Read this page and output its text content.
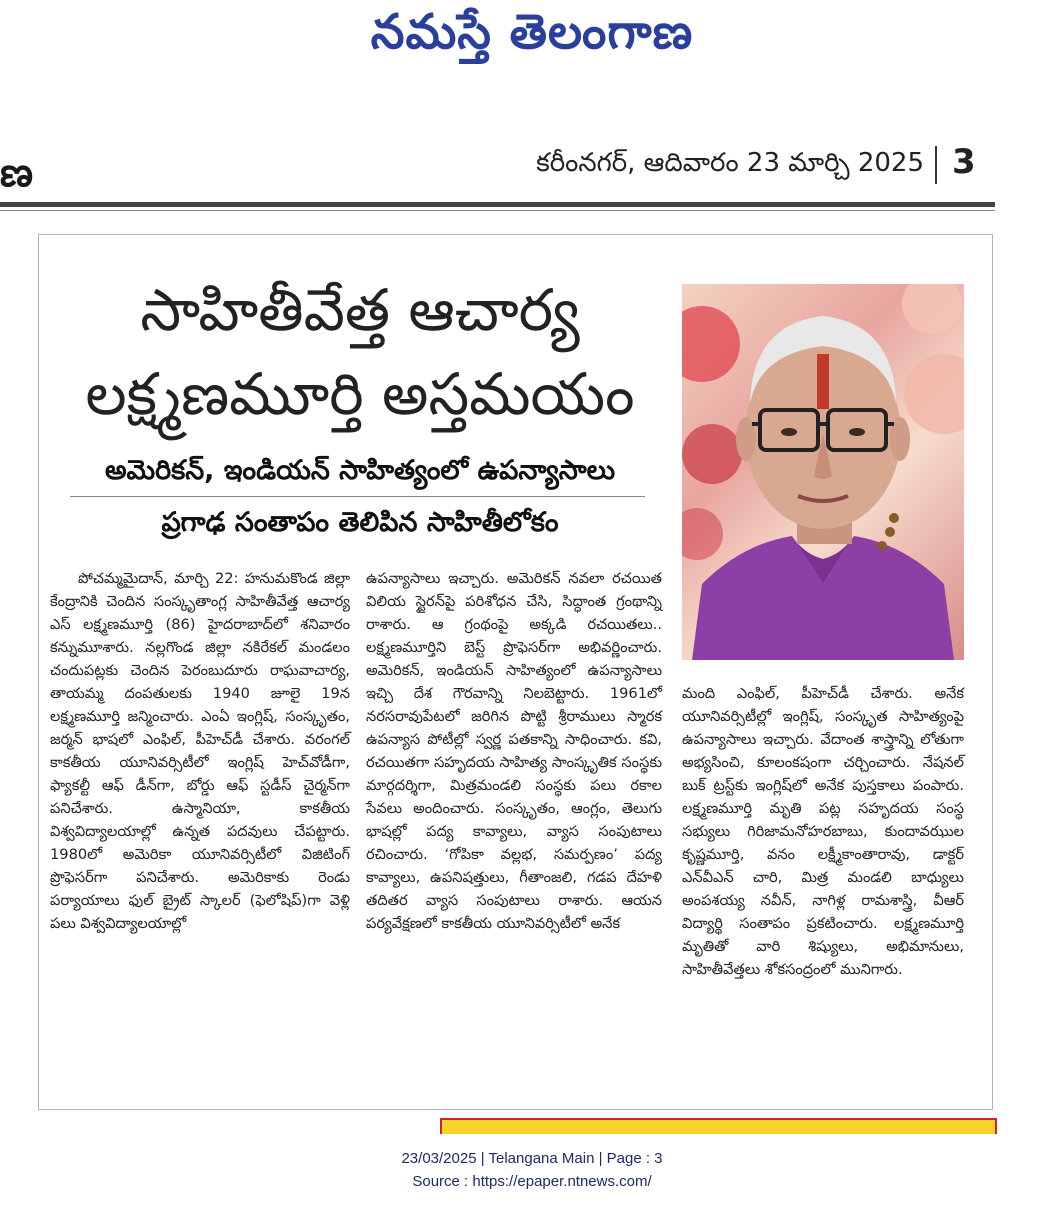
నమస్తే తెలంగాణ
ణ	కరీంనగర్, ఆదివారం 23 మార్చి 2025 3
సాహితీవేత్త ఆచార్య
లక్ష్మణమూర్తి అస్తమయం
అమెరికన్, ఇండియన్ సాహిత్యంలో ఉపన్యాసాలు
ప్రగాఢ సంతాపం తెలిపిన సాహితీలోకం
పోచమ్మమైదాన్, మార్చి 22: హనుమకొండ జిల్లా కేంద్రానికి చెందిన సంస్కృతాంగ్ల సాహితీవేత్త ఆచార్య ఎస్ లక్ష్మణమూర్తి (86) హైదరాబాద్‌లో శనివారం కన్నుమూశారు. నల్లగొండ జిల్లా నకిరేకల్ మండలం చందుపట్లకు చెందిన పెరంబుదూరు రాఘవాచార్య, తాయమ్మ దంపతులకు 1940 జూలై 19న లక్ష్మణమూర్తి జన్మించారు. ఎంఏ ఇంగ్లిష్, సంస్కృతం, జర్మన్ భాషలో ఎంఫిల్, పీహెచ్‌డీ చేశారు. వరంగల్ కాకతీయ యూనివర్సిటీలో ఇంగ్లిష్ హెచ్‌వోడీగా, ఫ్యాకల్టీ ఆఫ్ డీన్‌గా, బోర్డు ఆఫ్ స్టడీస్ చైర్మన్‌గా పనిచేశారు. ఉస్మానియా, కాకతీయ విశ్వవిద్యాలయాల్లో ఉన్నత పదవులు చేపట్టారు. 1980లో అమెరికా యూనివర్సిటీలో విజిటింగ్ ప్రొఫెసర్‌గా పనిచేశారు. అమెరికాకు రెండు పర్యాయాలు ఫుల్ బ్రైట్ స్కాలర్ (ఫెలోషిప్)గా వెళ్లి పలు విశ్వవిద్యాలయాల్లో
ఉపన్యాసాలు ఇచ్చారు. అమెరికన్ నవలా రచయిత విలియ స్టైరన్‌పై పరిశోధన చేసి, సిద్ధాంత గ్రంథాన్ని రాశారు. ఆ గ్రంథంపై అక్కడి రచయితలు.. లక్ష్మణమూర్తిని బెస్ట్ ప్రొఫెసర్‌గా అభివర్ణించారు. అమెరికన్, ఇండియన్ సాహిత్యంలో ఉపన్యాసాలు ఇచ్చి దేశ గౌరవాన్ని నిలబెట్టారు. 1961లో నరసరావుపేటలో జరిగిన పొట్టి శ్రీరాములు స్మారక ఉపన్యాస పోటీల్లో స్వర్ణ పతకాన్ని సాధించారు. కవి, రచయితగా సహృదయ సాహిత్య సాంస్కృతిక సంస్థకు మార్గదర్శిగా, మిత్రమండలి సంస్థకు పలు రకాల సేవలు అందించారు. సంస్కృతం, ఆంగ్లం, తెలుగు భాషల్లో పద్య కావ్యాలు, వ్యాస సంపుటాలు రచించారు. ‘గోపికా వల్లభ, సమర్పణం’ పద్య కావ్యాలు, ఉపనిషత్తులు, గీతాంజలి, గడప దేహళి తదితర వ్యాస సంపుటాలు రాశారు. ఆయన పర్యవేక్షణలో కాకతీయ యూనివర్సిటీలో అనేక
మంది ఎంఫిల్, పీహెచ్‌డీ చేశారు. అనేక యూనివర్సిటీల్లో ఇంగ్లిష్, సంస్కృత సాహిత్యంపై ఉపన్యాసాలు ఇచ్చారు. వేదాంత శాస్త్రాన్ని లోతుగా అభ్యసించి, కూలంకషంగా చర్చించారు. నేషనల్ బుక్ ట్రస్ట్‌కు ఇంగ్లిష్‌లో అనేక పుస్తకాలు పంపారు. లక్ష్మణమూర్తి మృతి పట్ల సహృదయ సంస్థ సభ్యులు గిరిజామనోహరబాబు, కుందావఝుల కృష్ణమూర్తి, వనం లక్ష్మీకాంతారావు, డాక్టర్ ఎన్‌వీఎన్ చారి, మిత్ర మండలి బాధ్యులు అంపశయ్య నవీన్, నాగిళ్ల రామశాస్త్రి, వీఆర్ విద్యార్థి సంతాపం ప్రకటించారు. లక్ష్మణమూర్తి మృతితో వారి శిష్యులు, అభిమానులు, సాహితీవేత్తలు శోకసంద్రంలో మునిగారు.
23/03/2025 | Telangana Main | Page : 3
Source : https://epaper.ntnews.com/
